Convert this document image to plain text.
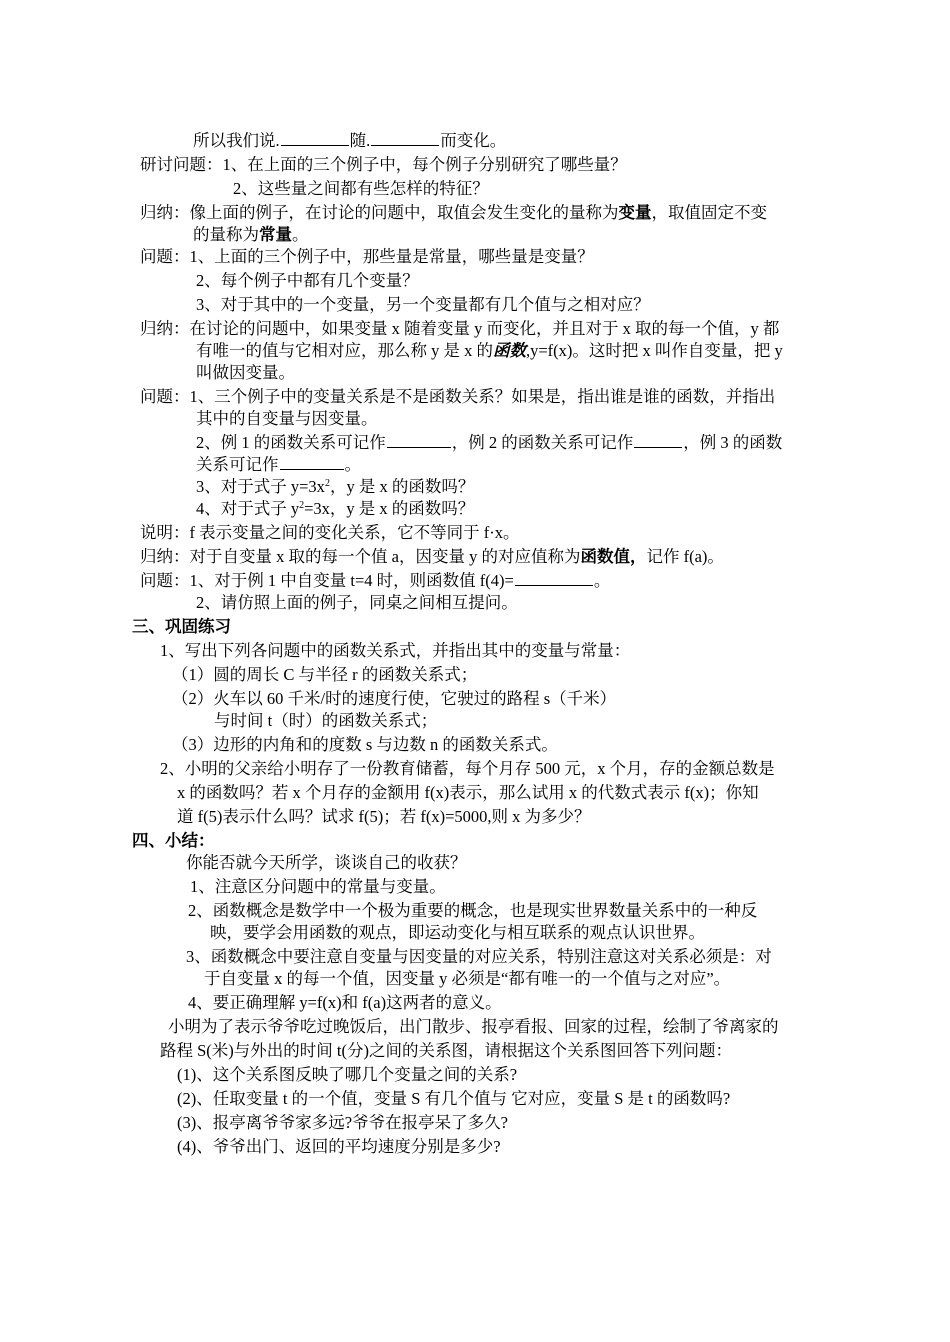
所以我们说.	随.	而变化。
研讨问题：1、在上面的三个例子中，每个例子分别研究了哪些量？
2、这些量之间都有些怎样的特征？
归纳：像上面的例子，在讨论的问题中，取值会发生变化的量称为变量，取值固定不变
的量称为常量。
问题：1、上面的三个例子中，那些量是常量，哪些量是变量？
2、每个例子中都有几个变量？
3、对于其中的一个变量，另一个变量都有几个值与之相对应？
归纳：在讨论的问题中，如果变量 x 随着变量 y 而变化，并且对于 x 取的每一个值，y 都
有唯一的值与它相对应，那么称 y 是 x 的函数,y=f(x)。这时把 x 叫作自变量，把 y
叫做因变量。
问题：1、三个例子中的变量关系是不是函数关系？如果是，指出谁是谁的函数，并指出
其中的自变量与因变量。
2、例 1 的函数关系可记作	，例 2 的函数关系可记作	，例 3 的函数
关系可记作	。
3、对于式子 $y=3x^2$，y 是 x 的函数吗？
4、对于式子 $y^2=3x$，y 是 x 的函数吗？
说明：f 表示变量之间的变化关系，它不等同于 f·x。
归纳：对于自变量 x 取的每一个值 a，因变量 y 的对应值称为函数值，记作 f(a)。
问题：1、对于例 1 中自变量 t=4 时，则函数值 f(4)=	。
2、请仿照上面的例子，同桌之间相互提问。
三、巩固练习
1、写出下列各问题中的函数关系式，并指出其中的变量与常量：
（1）圆的周长 C 与半径 r 的函数关系式；
（2）火车以 60 千米/时的速度行使，它驶过的路程 s（千米）
与时间 t（时）的函数关系式；
（3）边形的内角和的度数 s 与边数 n 的函数关系式。
2、小明的父亲给小明存了一份教育储蓄，每个月存 500 元，x 个月，存的金额总数是
x 的函数吗？若 x 个月存的金额用 f(x)表示，那么试用 x 的代数式表示 f(x)；你知
道 f(5)表示什么吗？试求 f(5)；若 f(x)=5000,则 x 为多少？
四、小结：
你能否就今天所学，谈谈自己的收获？
1、注意区分问题中的常量与变量。
2、函数概念是数学中一个极为重要的概念，也是现实世界数量关系中的一种反
映，要学会用函数的观点，即运动变化与相互联系的观点认识世界。
3、函数概念中要注意自变量与因变量的对应关系，特别注意这对关系必须是：对
于自变量 x 的每一个值，因变量 y 必须是“都有唯一的一个值与之对应”。
4、要正确理解 y=f(x)和 f(a)这两者的意义。
小明为了表示爷爷吃过晚饭后，出门散步、报亭看报、回家的过程，绘制了爷离家的
路程 S(米)与外出的时间 t(分)之间的关系图，请根据这个关系图回答下列问题：
(1)、这个关系图反映了哪几个变量之间的关系?
(2)、任取变量 t 的一个值，变量 S 有几个值与 它对应，变量 S 是 t 的函数吗?
(3)、报亭离爷爷家多远?爷爷在报亭呆了多久?
(4)、爷爷出门、返回的平均速度分别是多少?
